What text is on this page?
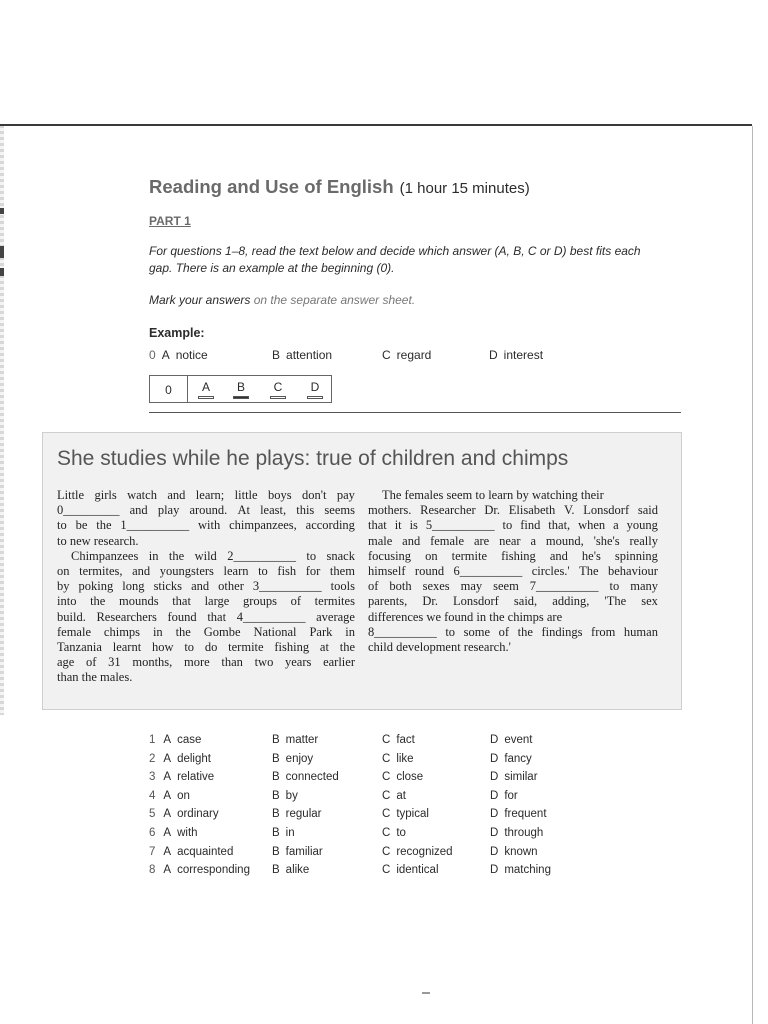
Reading and Use of English (1 hour 15 minutes)
PART 1
For questions 1–8, read the text below and decide which answer (A, B, C or D) best fits each gap. There is an example at the beginning (0).
Mark your answers on the separate answer sheet.
Example:
0 A notice	B attention	C regard	D interest
0	A	B	C	D
She studies while he plays: true of children and chimps
Little girls watch and learn; little boys don't pay
0_________ and play around. At least, this seems
to be the 1__________ with chimpanzees, according
to new research.
Chimpanzees in the wild 2__________ to snack
on termites, and youngsters learn to fish for them
by poking long sticks and other 3__________ tools
into the mounds that large groups of termites
build. Researchers found that 4__________ average
female chimps in the Gombe National Park in
Tanzania learnt how to do termite fishing at the
age of 31 months, more than two years earlier
than the males.
The females seem to learn by watching their
mothers. Researcher Dr. Elisabeth V. Lonsdorf said
that it is 5__________ to find that, when a young
male and female are near a mound, 'she's really
focusing on termite fishing and he's spinning
himself round 6__________ circles.' The behaviour
of both sexes may seem 7__________ to many
parents, Dr. Lonsdorf said, adding, 'The sex
differences we found in the chimps are
8__________ to some of the findings from human
child development research.'
1 A case	B matter	C fact	D event
2 A delight	B enjoy	C like	D fancy
3 A relative	B connected	C close	D similar
4 A on	B by	C at	D for
5 A ordinary	B regular	C typical	D frequent
6 A with	B in	C to	D through
7 A acquainted	B familiar	C recognized	D known
8 A corresponding B alike	C identical	D matching
